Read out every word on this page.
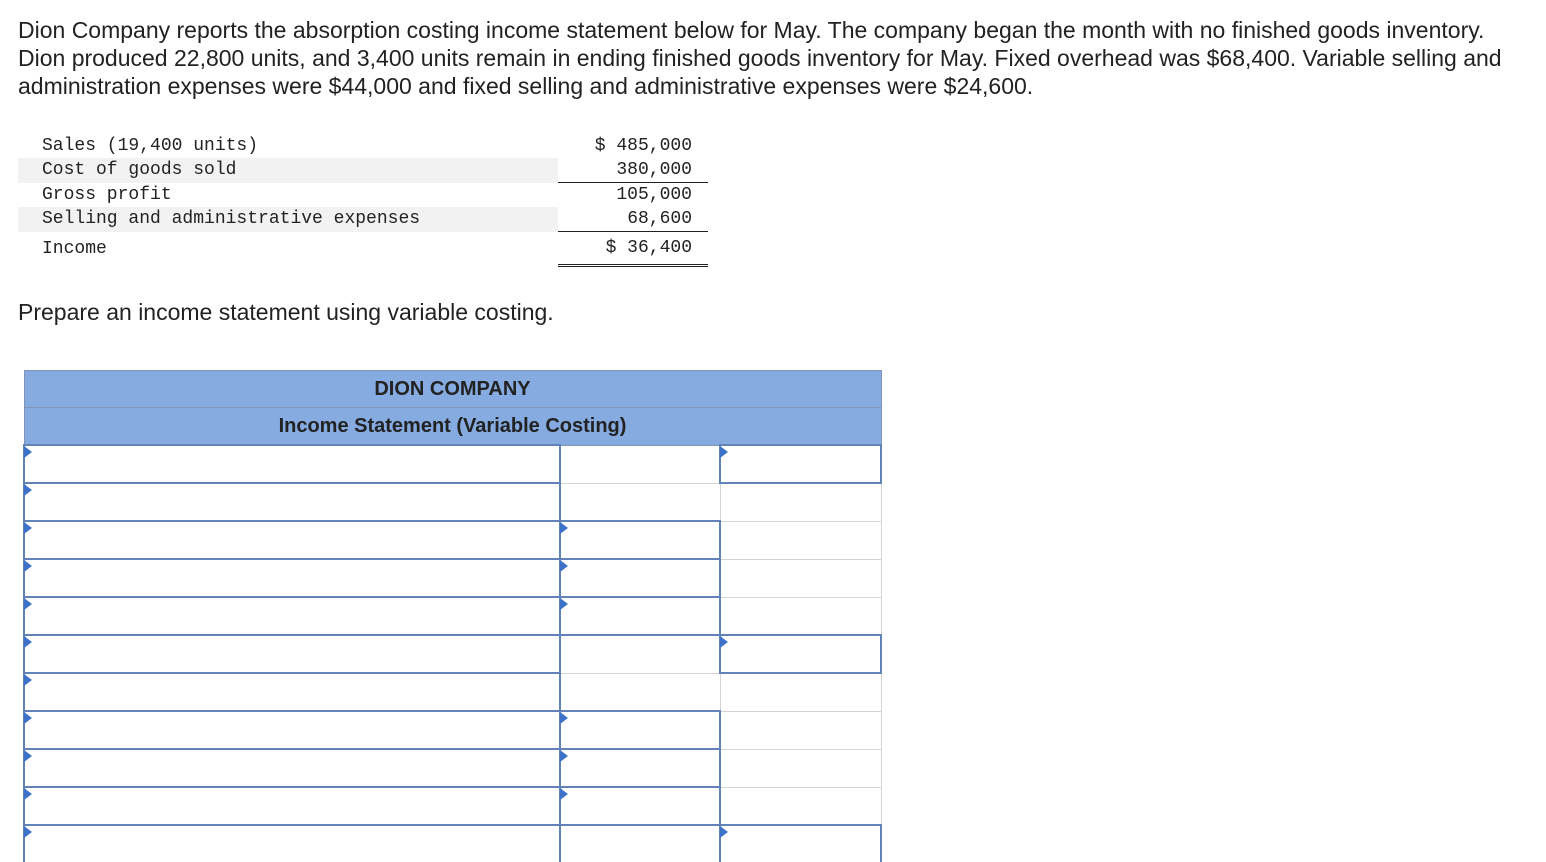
Dion Company reports the absorption costing income statement below for May. The company began the month with no finished goods inventory. Dion produced 22,800 units, and 3,400 units remain in ending finished goods inventory for May. Fixed overhead was $68,400. Variable selling and administration expenses were $44,000 and fixed selling and administrative expenses were $24,600.

Sales (19,400 units)		$ 485,000
Cost of goods sold		380,000
Gross profit		105,000
Selling and administrative expenses		68,600
Income		$ 36,400

Prepare an income statement using variable costing.

DION COMPANY		
Income Statement (Variable Costing)		
